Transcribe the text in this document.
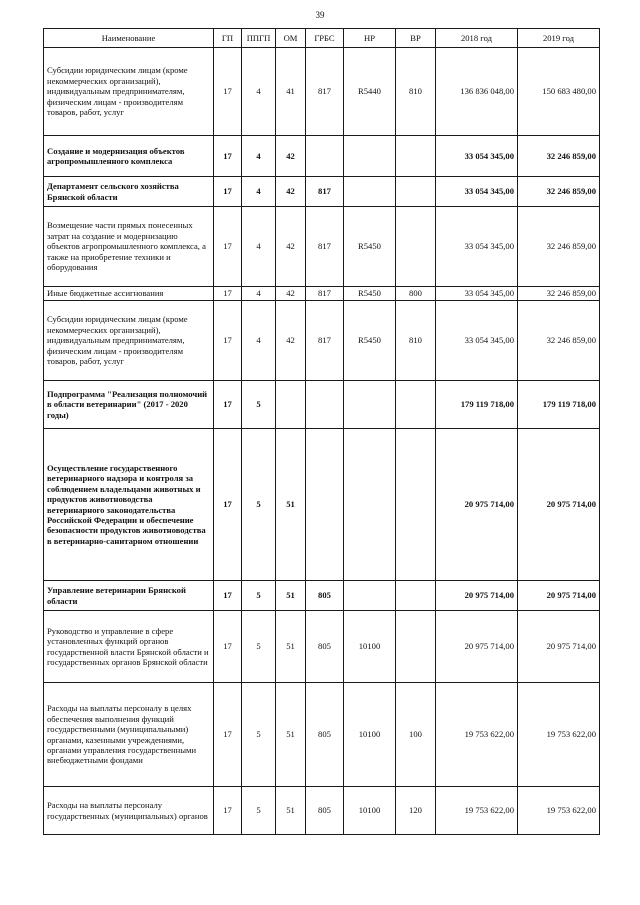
39
Наименование	ГП	ППГП	ОМ	ГРБС	НР	ВР	2018 год	2019 год
Субсидии юридическим лицам (кроме некоммерческих организаций), индивидуальным предпринимателям, физическим лицам - производителям товаров, работ, услуг	17	4	41	817	R5440	810	136 836 048,00	150 683 480,00
Создание и модернизация объектов агропромышленного комплекса	17	4	42				33 054 345,00	32 246 859,00
Департамент сельского хозяйства Брянской области	17	4	42	817			33 054 345,00	32 246 859,00
Возмещение части прямых понесенных затрат на создание и модернизацию объектов агропромышленного комплекса, а также на приобретение техники и оборудования	17	4	42	817	R5450		33 054 345,00	32 246 859,00
Иные бюджетные ассигнования	17	4	42	817	R5450	800	33 054 345,00	32 246 859,00
Субсидии юридическим лицам (кроме некоммерческих организаций), индивидуальным предпринимателям, физическим лицам - производителям товаров, работ, услуг	17	4	42	817	R5450	810	33 054 345,00	32 246 859,00
Подпрограмма "Реализация полномочий в области ветеринарии" (2017 - 2020 годы)	17	5					179 119 718,00	179 119 718,00
Осуществление государственного ветеринарного надзора и контроля за соблюдением владельцами животных и продуктов животноводства ветеринарного законодательства Российской Федерации и обеспечение безопасности продуктов животноводства в ветеринарно-санитарном отношении	17	5	51				20 975 714,00	20 975 714,00
Управление ветеринарии Брянской области	17	5	51	805			20 975 714,00	20 975 714,00
Руководство и управление в сфере установленных функций органов государственной власти Брянской области и государственных органов Брянской области	17	5	51	805	10100		20 975 714,00	20 975 714,00
Расходы на выплаты персоналу в целях обеспечения выполнения функций государственными (муниципальными) органами, казенными учреждениями, органами управления государственными внебюджетными фондами	17	5	51	805	10100	100	19 753 622,00	19 753 622,00
Расходы на выплаты персоналу государственных (муниципальных) органов	17	5	51	805	10100	120	19 753 622,00	19 753 622,00
